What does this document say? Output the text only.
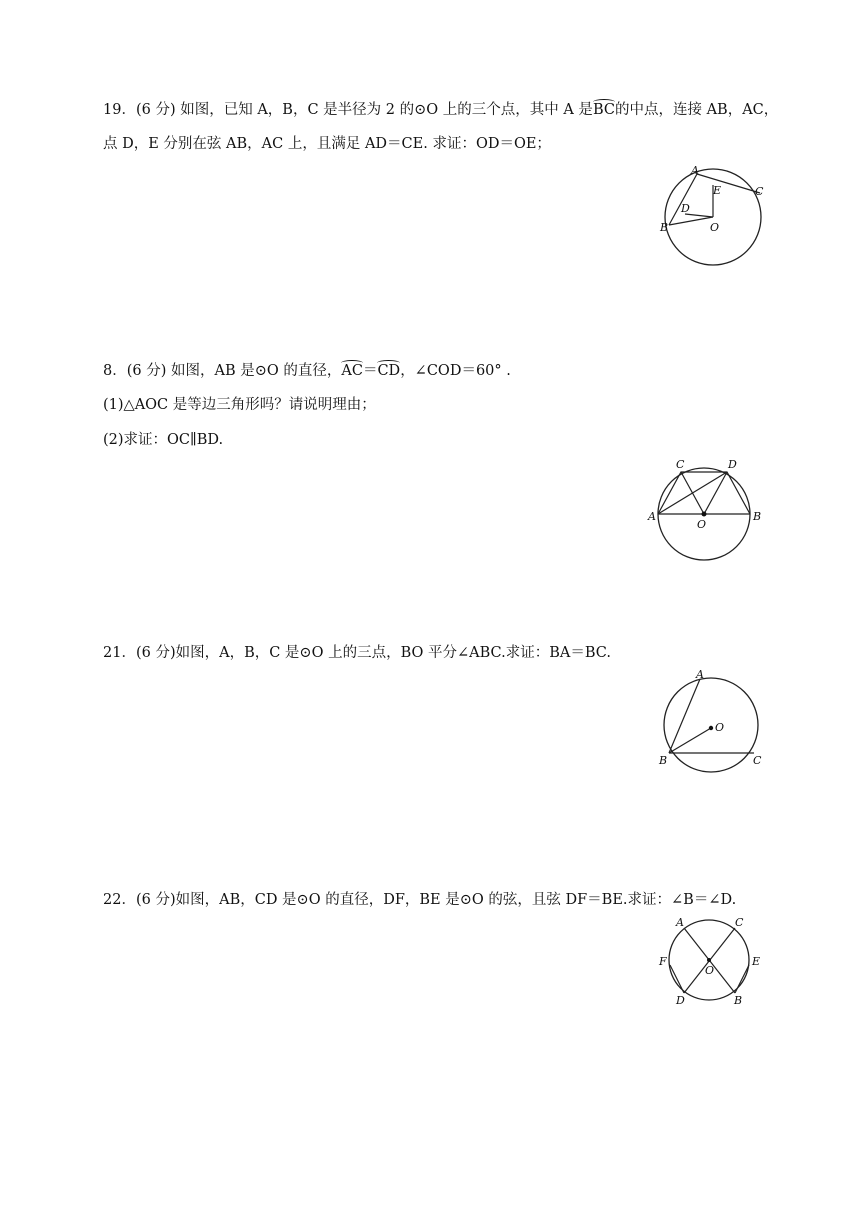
19．(6 分) 如图，已知 A，B，C 是半径为 2 的⊙O 上的三个点，其中 A 是BC的中点，连接 AB，AC，
点 D，E 分别在弦 AB，AC 上，且满足 AD＝CE. 求证：OD＝OE；
A
B
C
D
E
O
8．(6 分) 如图，AB 是⊙O 的直径，AC＝CD，∠COD＝60° .
(1)△AOC 是等边三角形吗？请说明理由；
(2)求证：OC∥BD.
A	B
C	D
O
21．(6 分)如图，A，B，C 是⊙O 上的三点，BO 平分∠ABC.求证：BA＝BC.
A
B	C
O
22．(6 分)如图，AB，CD 是⊙O 的直径，DF，BE 是⊙O 的弦，且弦 DF＝BE.求证：∠B＝∠D.
A
B
C
D
E
F
O
